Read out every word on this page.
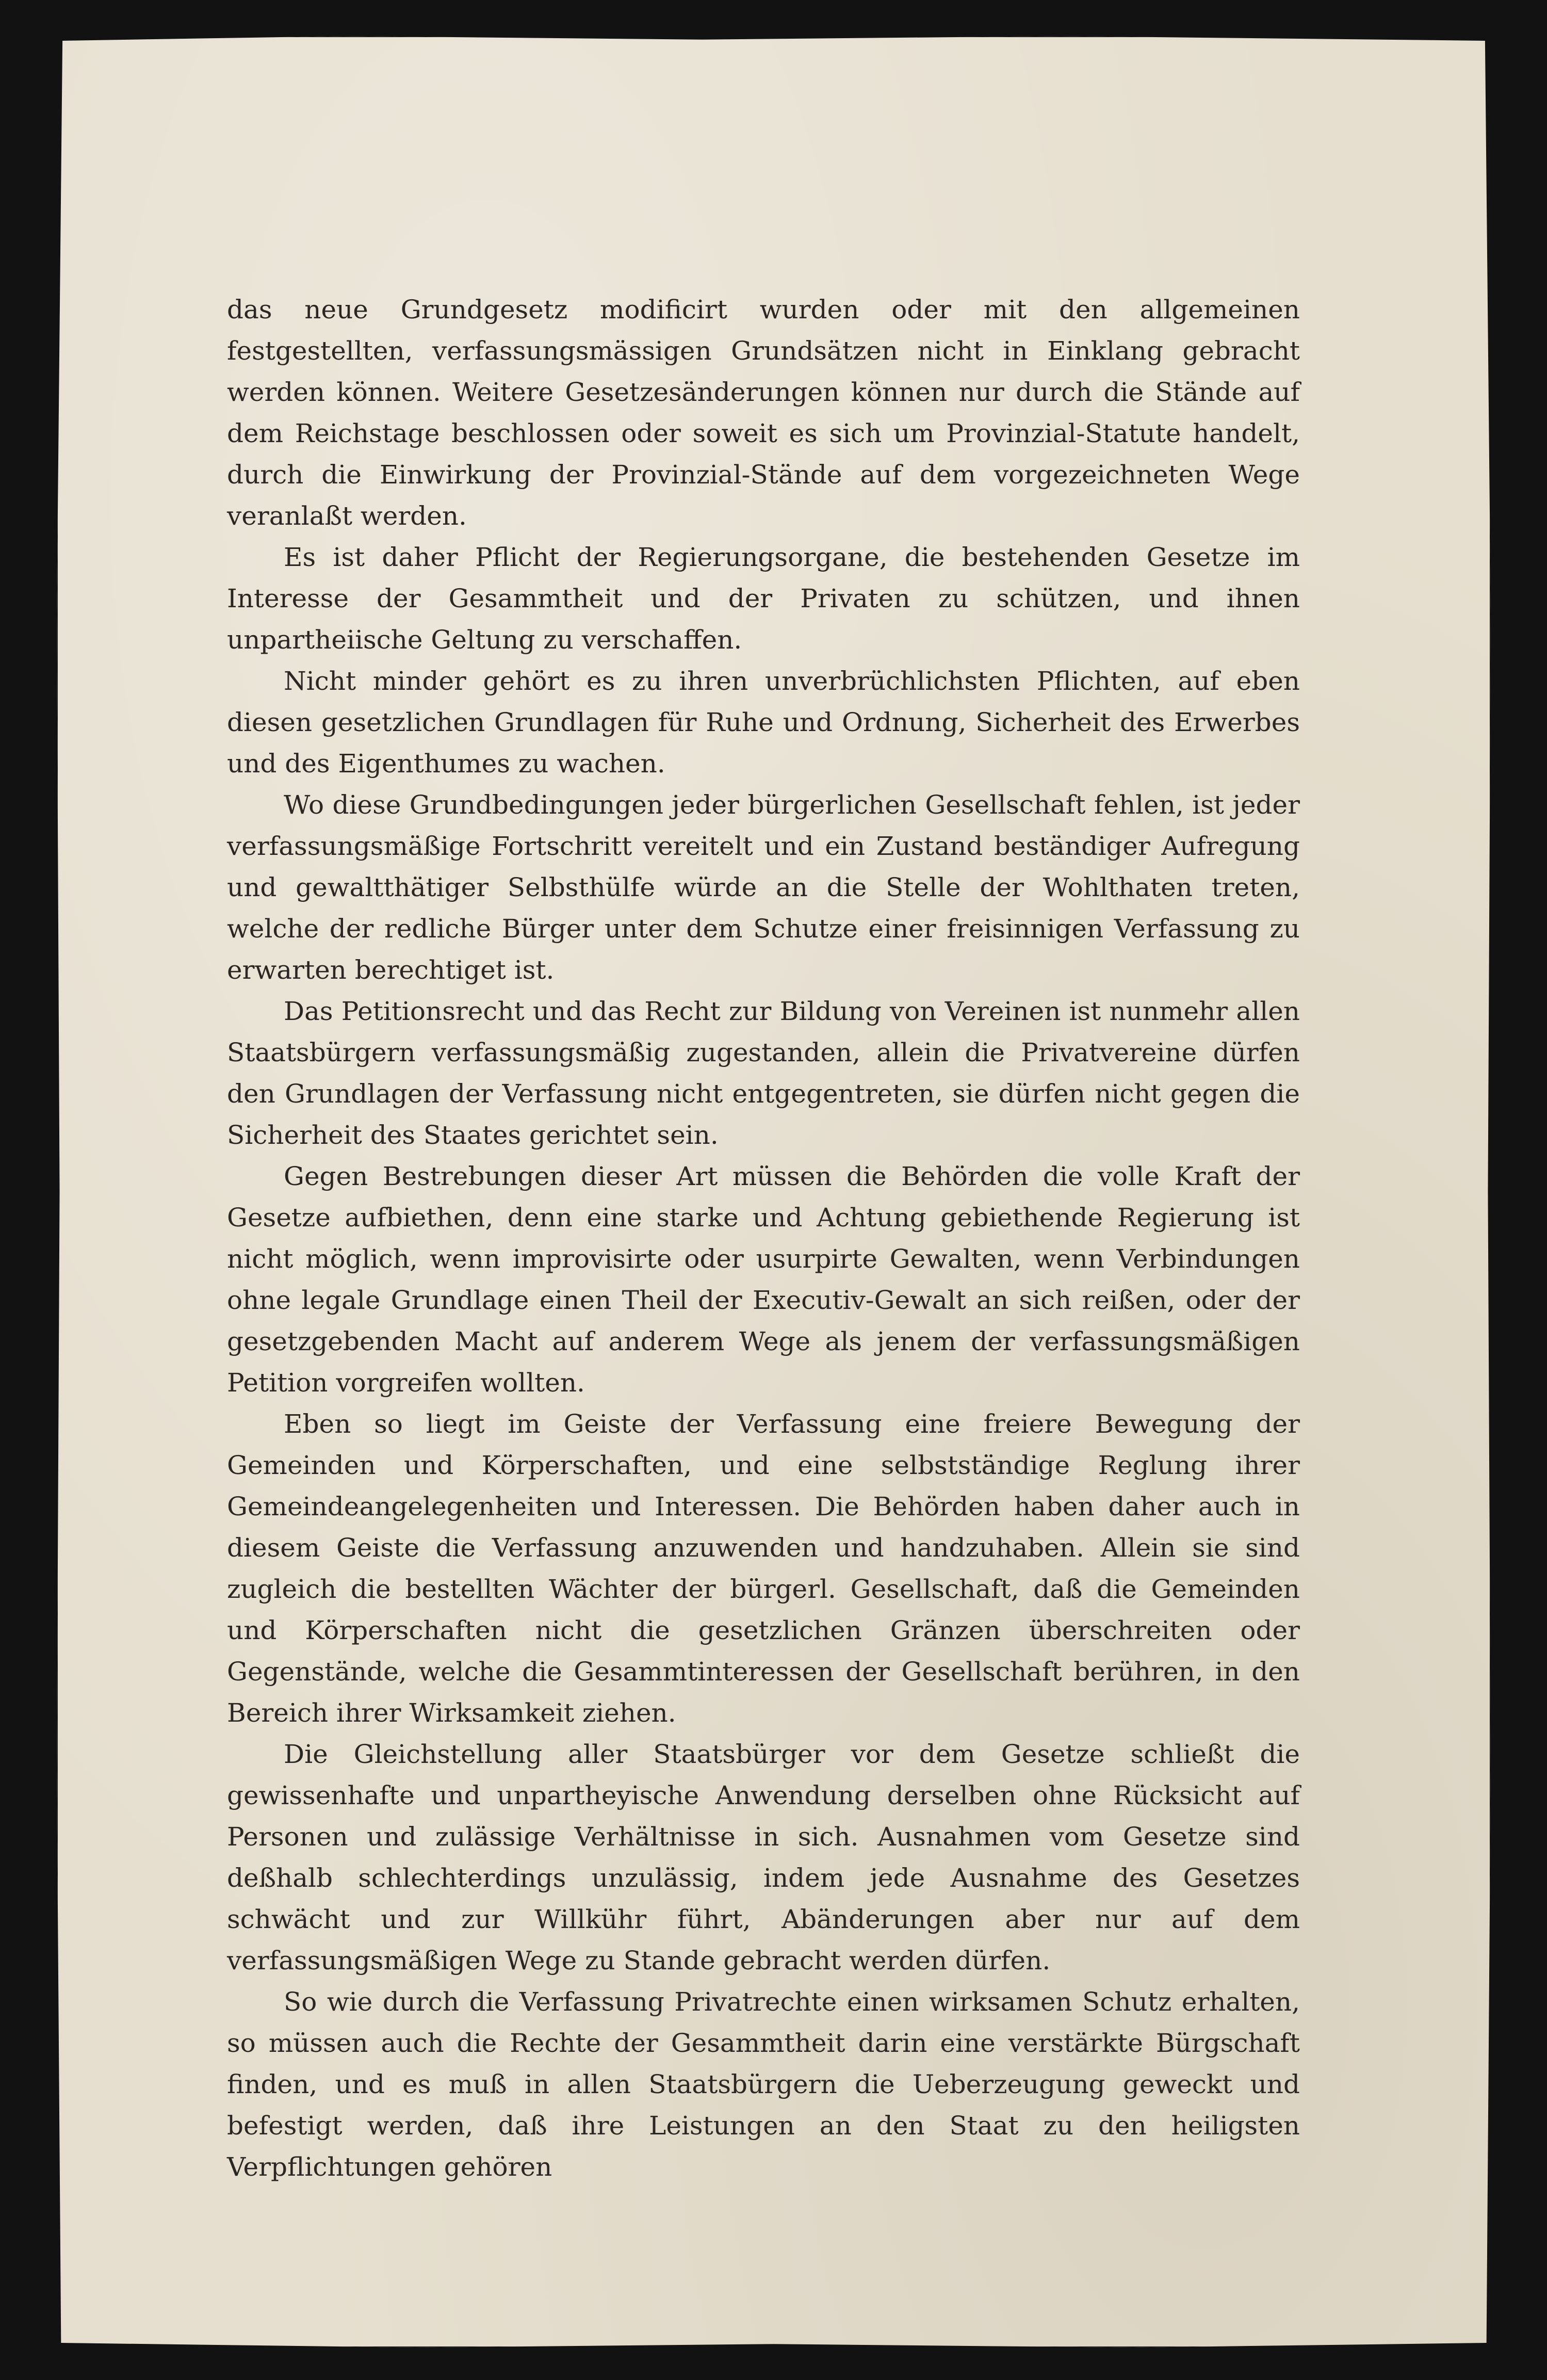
das neue Grundgesetz modificirt wurden oder mit den allgemeinen festgestellten, verfassungsmässigen Grundsätzen nicht in Einklang gebracht werden können. Weitere Gesetzesänderungen können nur durch die Stände auf dem Reichstage beschlossen oder soweit es sich um Provinzial-Statute handelt, durch die Einwirkung der Provinzial-Stände auf dem vorgezeichneten Wege veranlaßt werden.

Es ist daher Pflicht der Regierungsorgane, die bestehenden Gesetze im Interesse der Gesammtheit und der Privaten zu schützen, und ihnen unpartheiische Geltung zu verschaffen.

Nicht minder gehört es zu ihren unverbrüchlichsten Pflichten, auf eben diesen gesetzlichen Grundlagen für Ruhe und Ordnung, Sicherheit des Erwerbes und des Eigenthumes zu wachen.

Wo diese Grundbedingungen jeder bürgerlichen Gesellschaft fehlen, ist jeder verfassungsmäßige Fortschritt vereitelt und ein Zustand beständiger Aufregung und gewaltthätiger Selbsthülfe würde an die Stelle der Wohlthaten treten, welche der redliche Bürger unter dem Schutze einer freisinnigen Verfassung zu erwarten berechtiget ist.

Das Petitionsrecht und das Recht zur Bildung von Vereinen ist nunmehr allen Staatsbürgern verfassungsmäßig zugestanden, allein die Privatvereine dürfen den Grundlagen der Verfassung nicht entgegentreten, sie dürfen nicht gegen die Sicherheit des Staates gerichtet sein.

Gegen Bestrebungen dieser Art müssen die Behörden die volle Kraft der Gesetze aufbiethen, denn eine starke und Achtung gebiethende Regierung ist nicht möglich, wenn improvisirte oder usurpirte Gewalten, wenn Verbindungen ohne legale Grundlage einen Theil der Executiv-Gewalt an sich reißen, oder der gesetzgebenden Macht auf anderem Wege als jenem der verfassungsmäßigen Petition vorgreifen wollten.

Eben so liegt im Geiste der Verfassung eine freiere Bewegung der Gemeinden und Körperschaften, und eine selbstständige Reglung ihrer Gemeindeangelegenheiten und Interessen. Die Behörden haben daher auch in diesem Geiste die Verfassung anzuwenden und handzuhaben. Allein sie sind zugleich die bestellten Wächter der bürgerl. Gesellschaft, daß die Gemeinden und Körperschaften nicht die gesetzlichen Gränzen überschreiten oder Gegenstände, welche die Gesammtinteressen der Gesellschaft berühren, in den Bereich ihrer Wirksamkeit ziehen.

Die Gleichstellung aller Staatsbürger vor dem Gesetze schließt die gewissenhafte und unpartheyische Anwendung derselben ohne Rücksicht auf Personen und zulässige Verhältnisse in sich. Ausnahmen vom Gesetze sind deßhalb schlechterdings unzulässig, indem jede Ausnahme des Gesetzes schwächt und zur Willkühr führt, Abänderungen aber nur auf dem verfassungsmäßigen Wege zu Stande gebracht werden dürfen.

So wie durch die Verfassung Privatrechte einen wirksamen Schutz erhalten, so müssen auch die Rechte der Gesammtheit darin eine verstärkte Bürgschaft finden, und es muß in allen Staatsbürgern die Ueberzeugung geweckt und befestigt werden, daß ihre Leistungen an den Staat zu den heiligsten Verpflichtungen gehören
